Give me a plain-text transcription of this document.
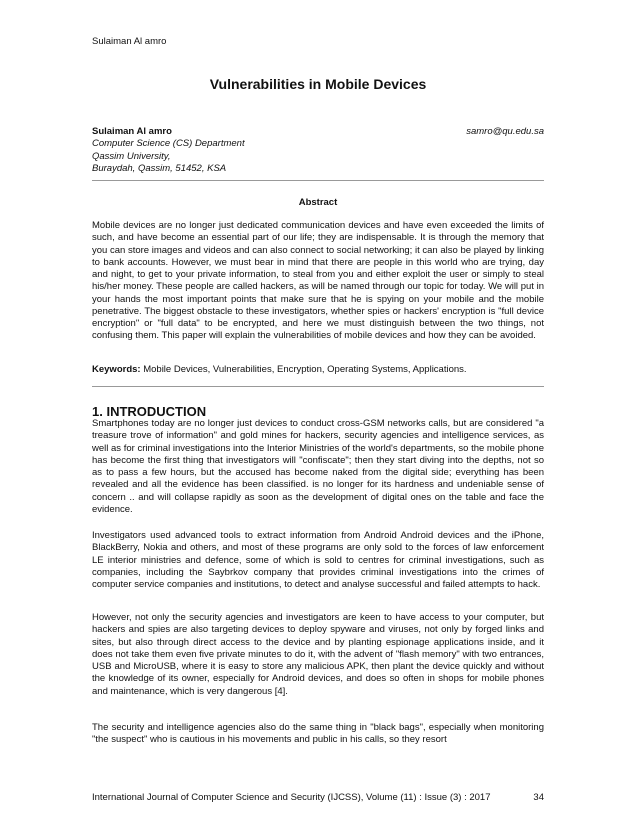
Sulaiman Al amro
Vulnerabilities in Mobile Devices
Sulaiman Al amro	samro@qu.edu.sa
Computer Science (CS) Department
Qassim University,
Buraydah, Qassim, 51452, KSA
Abstract

Mobile devices are no longer just dedicated communication devices and have even exceeded the limits of such, and have become an essential part of our life; they are indispensable. It is through the memory that you can store images and videos and can also connect to social networking; it can also be played by linking to bank accounts. However, we must bear in mind that there are people in this world who are trying, day and night, to get to your private information, to steal from you and either exploit the user or simply to steal his/her money. These people are called hackers, as will be named through our topic for today. We will put in your hands the most important points that make sure that he is spying on your mobile and the mobile penetrative. The biggest obstacle to these investigators, whether spies or hackers' encryption is "full device encryption" or "full data" to be encrypted, and here we must distinguish between the two things, not confusing them. This paper will explain the vulnerabilities of mobile devices and how they can be avoided.

Keywords: Mobile Devices, Vulnerabilities, Encryption, Operating Systems, Applications.

1. INTRODUCTION

Smartphones today are no longer just devices to conduct cross-GSM networks calls, but are considered "a treasure trove of information" and gold mines for hackers, security agencies and intelligence services, as well as for criminal investigations into the Interior Ministries of the world's departments, so the mobile phone has become the first thing that investigators will "confiscate"; then they start diving into the depths, not so as to pass a few hours, but the accused has become naked from the digital side; everything has been revealed and all the evidence has been classified. is no longer for its hardness and undeniable sense of concern .. and will collapse rapidly as soon as the development of digital ones on the table and face the evidence.

Investigators used advanced tools to extract information from Android Android devices and the iPhone, BlackBerry, Nokia and others, and most of these programs are only sold to the forces of law enforcement LE interior ministries and defence, some of which is sold to centres for criminal investigations, such as companies, including the Saybrkov company that provides criminal investigations into the crimes of computer service companies and institutions, to detect and analyse successful and failed attempts to hack.

However, not only the security agencies and investigators are keen to have access to your computer, but hackers and spies are also targeting devices to deploy spyware and viruses, not only by forged links and sites, but also through direct access to the device and by planting espionage applications inside, and it does not take them even five private minutes to do it, with the advent of "flash memory" with two entrances, USB and MicroUSB, where it is easy to store any malicious APK, then plant the device quickly and without the knowledge of its owner, especially for Android devices, and does so often in shops for mobile phones and maintenance, which is very dangerous [4].

The security and intelligence agencies also do the same thing in "black bags", especially when monitoring "the suspect" who is cautious in his movements and public in his calls, so they resort

International Journal of Computer Science and Security (IJCSS), Volume (11) : Issue (3) : 2017	34
